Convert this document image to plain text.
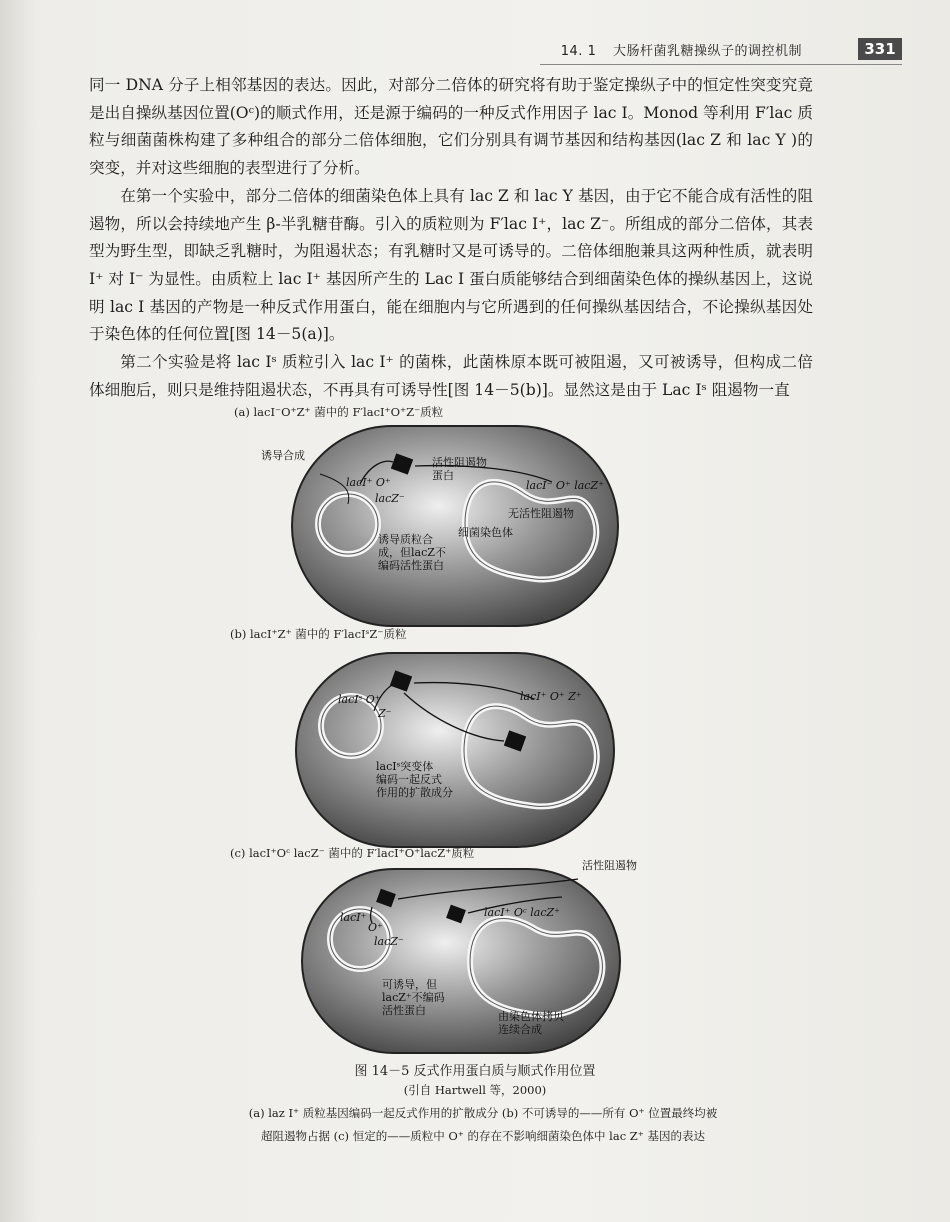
14. 1 大肠杆菌乳糖操纵子的调控机制	331

同一 DNA 分子上相邻基因的表达。因此，对部分二倍体的研究将有助于鉴定操纵子中的恒定性突变究竟是出自操纵基因位置(Oᶜ)的顺式作用，还是源于编码的一种反式作用因子 lac I。Monod 等利用 F′lac 质粒与细菌菌株构建了多种组合的部分二倍体细胞，它们分别具有调节基因和结构基因(lac Z 和 lac Y )的突变，并对这些细胞的表型进行了分析。

在第一个实验中，部分二倍体的细菌染色体上具有 lac Z 和 lac Y 基因，由于它不能合成有活性的阻遏物，所以会持续地产生 β-半乳糖苷酶。引入的质粒则为 F′lac I⁺，lac Z⁻。所组成的部分二倍体，其表型为野生型，即缺乏乳糖时，为阻遏状态；有乳糖时又是可诱导的。二倍体细胞兼具这两种性质，就表明 I⁺ 对 I⁻ 为显性。由质粒上 lac I⁺ 基因所产生的 Lac I 蛋白质能够结合到细菌染色体的操纵基因上，这说明 lac I 基因的产物是一种反式作用蛋白，能在细胞内与它所遇到的任何操纵基因结合，不论操纵基因处于染色体的任何位置[图 14－5(a)]。

第二个实验是将 lac Iˢ 质粒引入 lac I⁺ 的菌株，此菌株原本既可被阻遏，又可被诱导，但构成二倍体细胞后，则只是维持阻遏状态，不再具有可诱导性[图 14－5(b)]。显然这是由于 Lac Iˢ 阻遏物一直

(a) lacI⁻O⁺Z⁺ 菌中的 F′lacI⁺O⁺Z⁻质粒
诱导合成
活性阻遏物
蛋白
lacI⁺ O⁺
lacZ⁻
lacI⁻ O⁺ lacZ⁺
无活性阻遏物
细菌染色体
诱导质粒合
成，但lacZ不
编码活性蛋白
(b) lacI⁺Z⁺ 菌中的 F′lacIˢZ⁻质粒
lacIˢ O⁺
Z⁻
lacI⁺ O⁺ Z⁺
lacIˢ突变体
编码一起反式
作用的扩散成分
(c) lacI⁺Oᶜ lacZ⁻ 菌中的 F′lacI⁺O⁺lacZ⁺质粒
活性阻遏物
lacI⁺
O⁺
lacZ⁻
lacI⁺ Oᶜ lacZ⁺
可诱导，但
lacZ⁺不编码
活性蛋白	由染色体拷贝
连续合成
图 14－5 反式作用蛋白质与顺式作用位置
(引自 Hartwell 等，2000)
(a) laz I⁺ 质粒基因编码一起反式作用的扩散成分 (b) 不可诱导的——所有 O⁺ 位置最终均被
超阻遏物占据 (c) 恒定的——质粒中 O⁺ 的存在不影响细菌染色体中 lac Z⁺ 基因的表达
